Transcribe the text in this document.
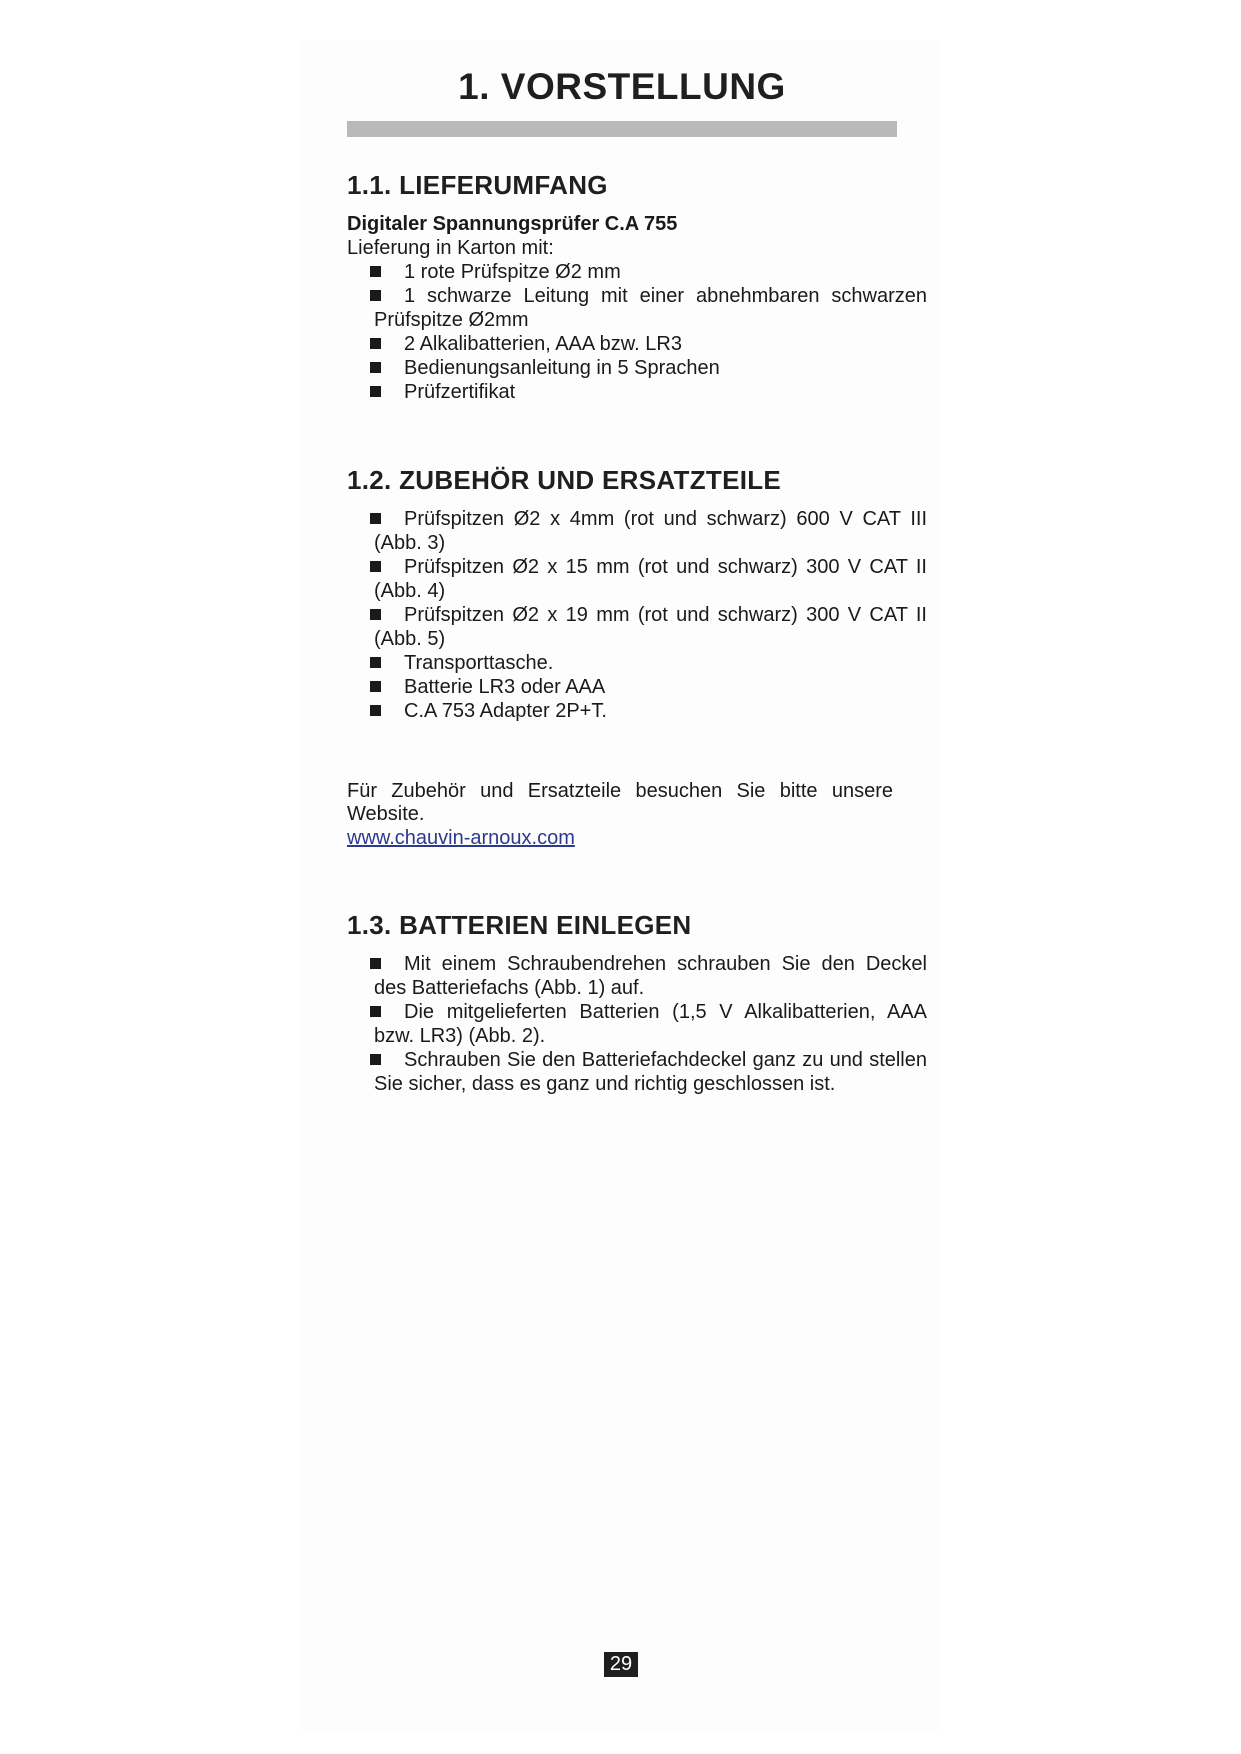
1. VORSTELLUNG
1.1. LIEFERUMFANG
Digitaler Spannungsprüfer C.A 755
Lieferung in Karton mit:
1 rote Prüfspitze Ø2 mm
1 schwarze Leitung mit einer abnehmbaren schwarzen Prüfspitze Ø2mm
2 Alkalibatterien, AAA bzw. LR3
Bedienungsanleitung in 5 Sprachen
Prüfzertifikat
1.2. ZUBEHÖR UND ERSATZTEILE
Prüfspitzen Ø2 x 4mm (rot und schwarz) 600 V CAT III (Abb. 3)
Prüfspitzen Ø2 x 15 mm (rot und schwarz) 300 V CAT II (Abb. 4)
Prüfspitzen Ø2 x 19 mm (rot und schwarz) 300 V CAT II (Abb. 5)
Transporttasche.
Batterie LR3 oder AAA
C.A 753 Adapter 2P+T.
Für Zubehör und Ersatzteile besuchen Sie bitte unsere Website.
www.chauvin-arnoux.com
1.3. BATTERIEN EINLEGEN
Mit einem Schraubendrehen schrauben Sie den Deckel des Batteriefachs (Abb. 1) auf.
Die mitgelieferten Batterien (1,5 V Alkalibatterien, AAA bzw. LR3) (Abb. 2).
Schrauben Sie den Batteriefachdeckel ganz zu und stellen Sie sicher, dass es ganz und richtig geschlossen ist.
29
